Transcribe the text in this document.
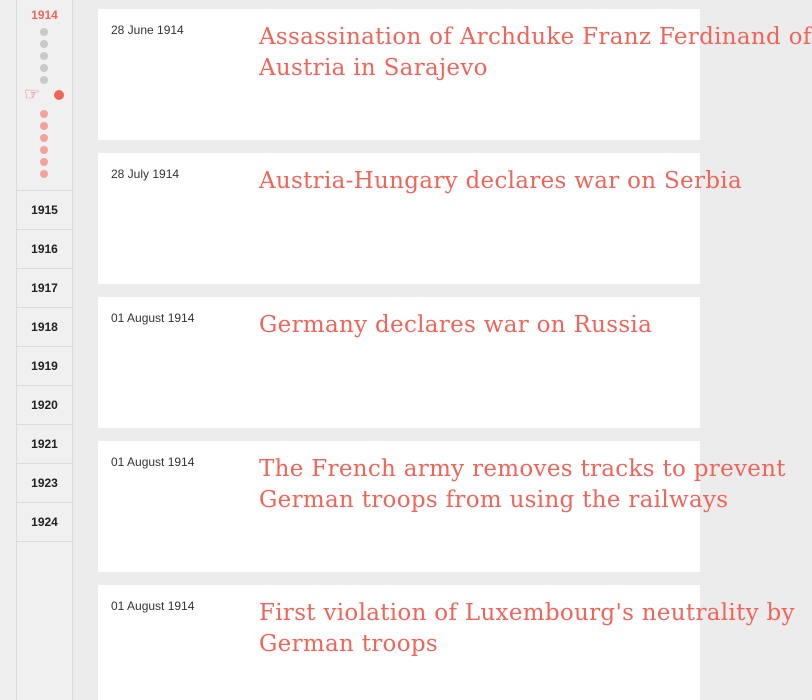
1914
☞
1915
1916
1917
1918
1919
1920
1921
1923
1924
28 June 1914	Assassination of Archduke Franz Ferdinand of
Austria in Sarajevo
28 July 1914	Austria-Hungary declares war on Serbia
01 August 1914	Germany declares war on Russia
01 August 1914	The French army removes tracks to prevent
German troops from using the railways
01 August 1914	First violation of Luxembourg's neutrality by
German troops
